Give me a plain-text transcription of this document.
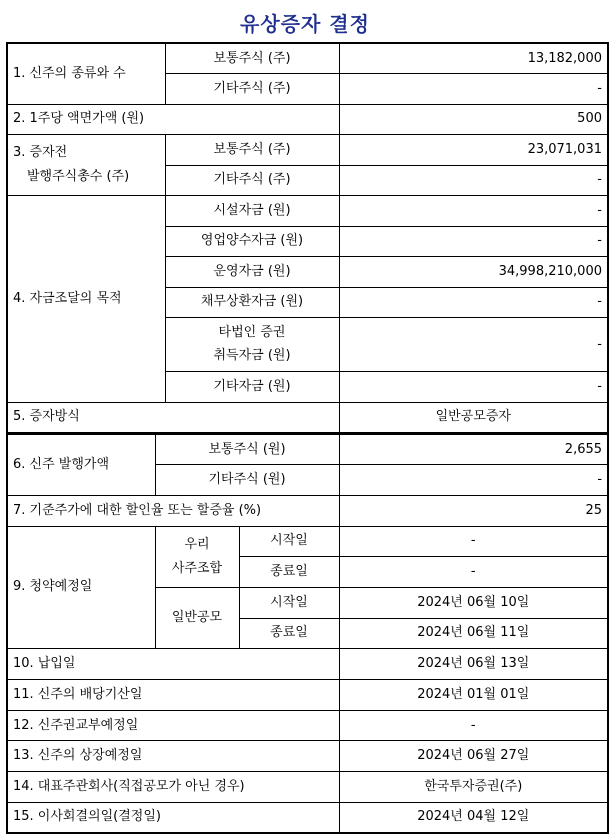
유상증자 결정
1. 신주의 종류와 수	보통주식 (주)	13,182,000
	기타주식 (주)	-
2. 1주당 액면가액 (원)		500

3. 증자전
발행주식총수 (주)	보통주식 (주)	23,071,031
	기타주식 (주)	-
4. 자금조달의 목적	시설자금 (원)	-
	영업양수자금 (원)	-
	운영자금 (원)	34,998,210,000
	채무상환자금 (원)	-

	타법인 증권
취득자금 (원)	-
	기타자금 (원)	-
5. 증자방식		일반공모증자
6. 신주 발행가액	보통주식 (원)		2,655
	기타주식 (원)		-
7. 기준주가에 대한 할인율 또는 할증율 (%)			25
9. 청약예정일	우리
사주조합	시작일	-
		종료일	-
	일반공모	시작일	2024년 06월 10일
		종료일	2024년 06월 11일
10. 납입일			2024년 06월 13일
11. 신주의 배당기산일			2024년 01월 01일
12. 신주권교부예정일			-
13. 신주의 상장예정일			2024년 06월 27일
14. 대표주관회사(직접공모가 아닌 경우)			한국투자증권(주)
15. 이사회결의일(결정일)			2024년 04월 12일
